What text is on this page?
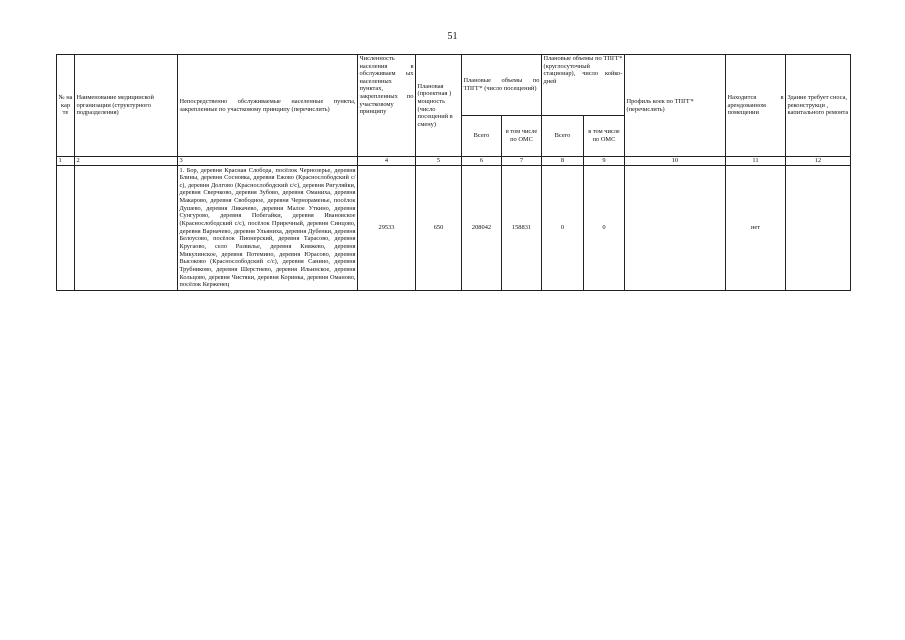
51
№ на кар те	Наименование медицинской организации (структурного подразделения)	Непосредственно обслуживаемые населенные пункты, закрепленные по участковому принципу (перечислить)	Численность населения в обслуживаем ых населенных пунктах, закрепленных по участковому принципу	Плановая (проектная ) мощность (число посещений в смену)	Плановые объемы по ТПГГ* (число посещений)		Плановые объемы по ТПГГ* (круглосуточный стационар), число койко-дней		Профиль коек по ТПГГ* (перечислить)	Находится в арендованном помещении	Здание требует сноса, реконструкци , капитального ремонта
					Всего	в том числе по ОМС	Всего	в том числе по ОМС			
1	2	3	4	5	6	7	8	9	10	11	12
		1. Бор, деревня Красная Слобода, посёлок Чернозерье, деревня Блины, деревня Сосновка, деревня Ежово (Краснослободский с/с), деревня Долгово (Краснослободский с/с), деревня Ригуляйки, деревня Сверчково, деревня Зубово, деревня Оманиха, деревня Макарово, деревня Свободное, деревня Чернораменье, посёлок Душево, деревня Ликачево, деревня Малое Уткино, деревня Сунгурово, деревня Побегайки, деревня Ивановское (Краснослободский с/с), посёлок Приречный, деревня Синцово, деревня Варначево, деревня Ульяниха, деревня Дубенки, деревня Белоусово, посёлок Пионерский, деревня Тарасово, деревня Кругаово, село Развилье, деревня Княжево, деревня Микулинское, деревня Потемино, деревня Юрасово, деревня Высоково (Краснослободский с/с), деревня Санино, деревня Трубниково, деревня Шерстнево, деревня Ильинское, деревня Кольцово, деревня Чистяки, деревня Коринка, деревня Оманово, посёлок Керженец	29533	650	208042	158831	0	0		нет	
